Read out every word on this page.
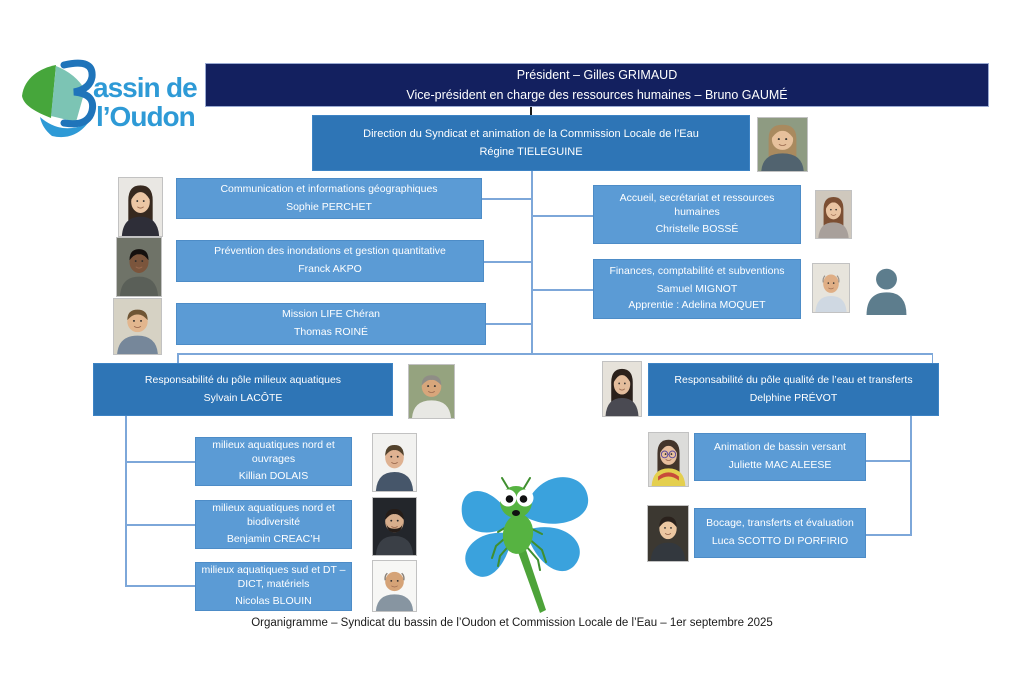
assin de
l’Oudon
Président – Gilles GRIMAUD
Vice-président en charge des ressources humaines – Bruno GAUMÉ
Direction du Syndicat et animation de la Commission Locale de l’Eau
Régine TIELEGUINE
Communication et informations géographiques
Sophie PERCHET
Prévention des inondations et gestion quantitative
Franck AKPO
Mission LIFE Chéran
Thomas ROINÉ
Accueil, secrétariat et ressources humaines
Christelle BOSSÉ
Finances, comptabilité et subventions
Samuel MIGNOT
Apprentie : Adelina MOQUET
Responsabilité du pôle milieux aquatiques
Sylvain LACÔTE
Responsabilité du pôle qualité de l’eau et transferts
Delphine PRÉVOT
milieux aquatiques nord et ouvrages
Killian DOLAIS
milieux aquatiques nord et biodiversité
Benjamin CREAC’H
milieux aquatiques sud et DT – DICT, matériels
Nicolas BLOUIN
Animation de bassin versant
Juliette MAC ALEESE
Bocage, transferts et évaluation
Luca SCOTTO DI PORFIRIO
Organigramme – Syndicat du bassin de l’Oudon et Commission Locale de l’Eau – 1er septembre 2025
